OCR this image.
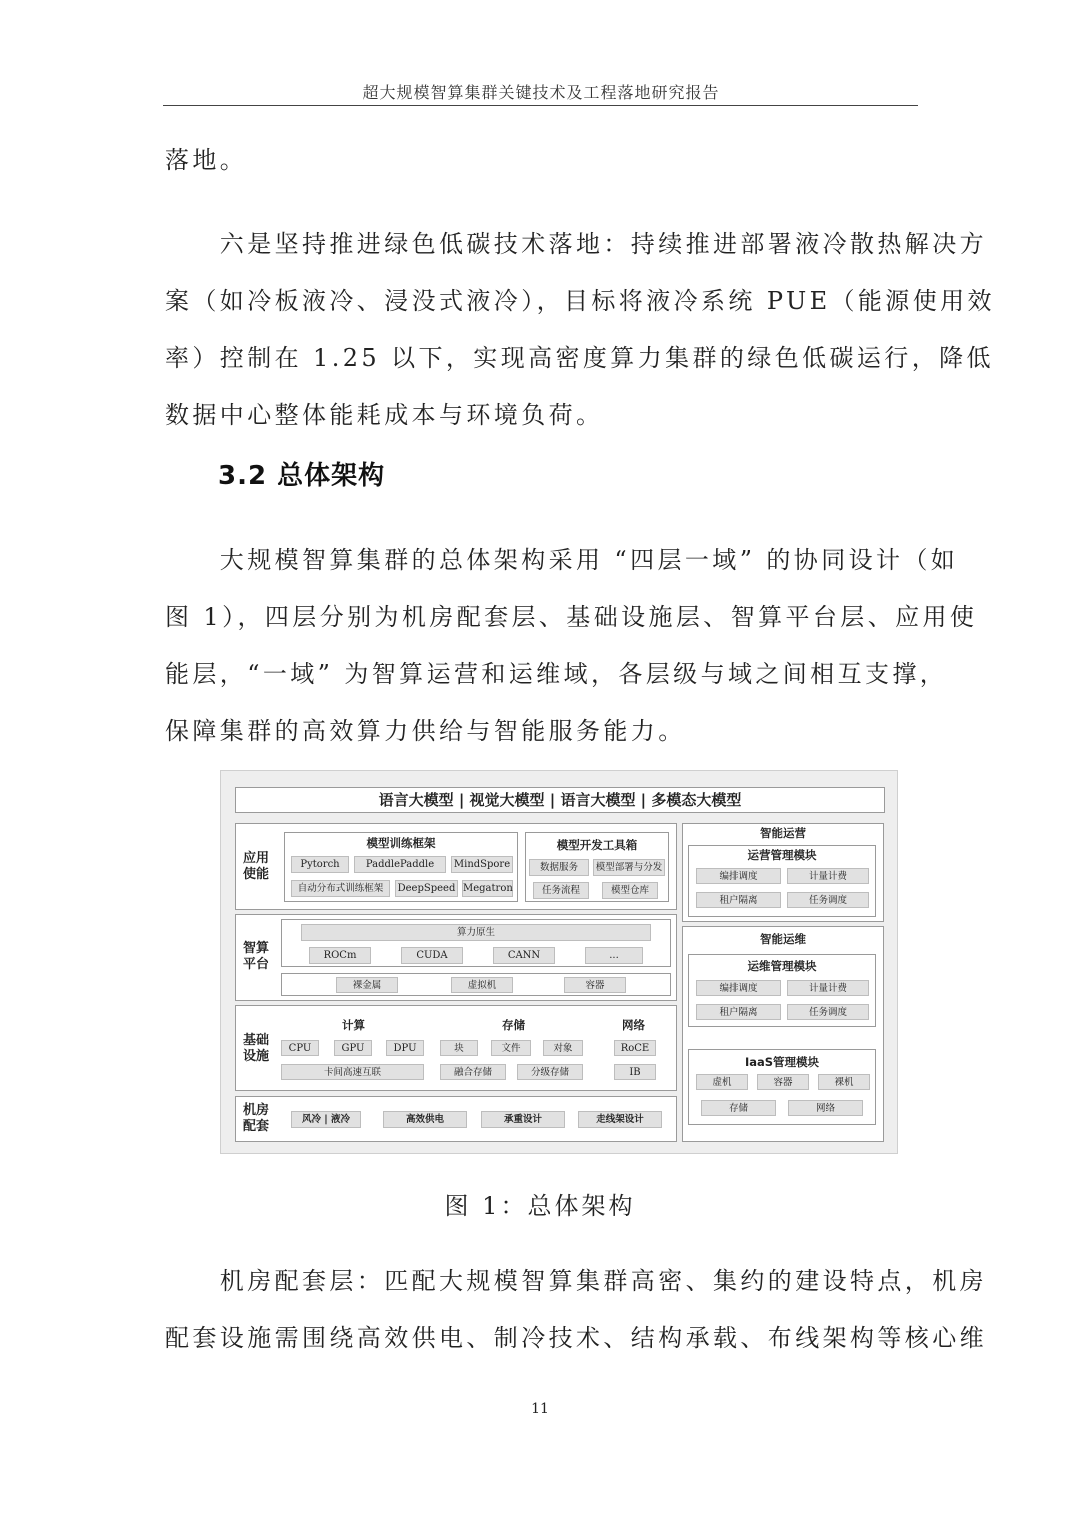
超大规模智算集群关键技术及工程落地研究报告

落地。

　　六是坚持推进绿色低碳技术落地：持续推进部署液冷散热解决方
案（如冷板液冷、浸没式液冷），目标将液冷系统 PUE（能源使用效
率）控制在 1.25 以下，实现高密度算力集群的绿色低碳运行，降低
数据中心整体能耗成本与环境负荷。

3.2 总体架构

　　大规模智算集群的总体架构采用 “四层一域” 的协同设计（如
图 1），四层分别为机房配套层、基础设施层、智算平台层、应用使
能层，“一域” 为智算运营和运维域，各层级与域之间相互支撑，
保障集群的高效算力供给与智能服务能力。

语言大模型 | 视觉大模型 | 语言大模型 | 多模态大模型
应用
使能
模型训练框架
Pytorch	PaddlePaddle	MindSpore
自动分布式训练框架	DeepSpeed Megatron
模型开发工具箱
数据服务	模型部署与分发
任务流程	模型仓库
智算
平台
算力原生
ROCm	CUDA	CANN	...
裸金属	虚拟机	容器
基础
设施
计算
CPU	GPU	DPU
卡间高速互联
存储
块	文件	对象
融合存储	分级存储
网络
RoCE
IB
机房
配套	风冷 | 液冷	高效供电	承重设计	走线架设计
智能运营
运营管理模块
编排调度	计量计费
租户隔离	任务调度
智能运维
运维管理模块
编排调度	计量计费
租户隔离	任务调度
IaaS管理模块
虚机	容器	裸机
存储	网络
图 1：总体架构

　　机房配套层：匹配大规模智算集群高密、集约的建设特点，机房
配套设施需围绕高效供电、制冷技术、结构承载、布线架构等核心维

11
